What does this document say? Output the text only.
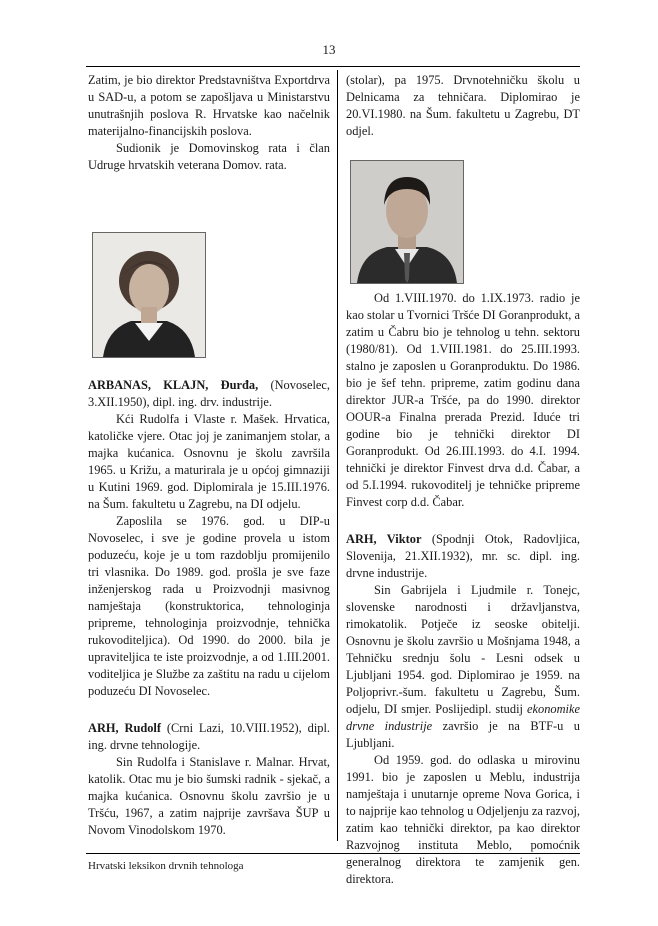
13

Zatim, je bio direktor Predstavništva Exportdrva u SAD-u, a potom se zapošljava u Ministarstvu unutrašnjih poslova R. Hrvatske kao načelnik materijalno-financijskih poslova.

Sudionik je Domovinskog rata i član Udruge hrvatskih veterana Domov. rata.

ARBANAS, KLAJN, Đurđa, (Novoselec, 3.XII.1950), dipl. ing. drv. industrije.

Kći Rudolfa i Vlaste r. Mašek. Hrvatica, katoličke vjere. Otac joj je zanimanjem stolar, a majka kućanica. Osnovnu je školu završila 1965. u Križu, a maturirala je u općoj gimnaziji u Kutini 1969. god. Diplomirala je 15.III.1976. na Šum. fakultetu u Zagrebu, na DI odjelu.

Zaposlila se 1976. god. u DIP-u Novoselec, i sve je godine provela u istom poduzeću, koje je u tom razdoblju promijenilo tri vlasnika. Do 1989. god. prošla je sve faze inženjerskog rada u Proizvodnji masivnog namještaja (konstruktorica, tehnologinja pripreme, tehnologinja proizvodnje, tehnička rukovoditeljica). Od 1990. do 2000. bila je upraviteljica te iste proizvodnje, a od 1.III.2001. voditeljica je Službe za zaštitu na radu u cijelom poduzeću DI Novoselec.

ARH, Rudolf (Crni Lazi, 10.VIII.1952), dipl. ing. drvne tehnologije.

Sin Rudolfa i Stanislave r. Malnar. Hrvat, katolik. Otac mu je bio šumski radnik - sjekač, a majka kućanica. Osnovnu školu završio je u Tršću, 1967, a zatim najprije završava ŠUP u Novom Vinodolskom 1970.

(stolar), pa 1975. Drvnotehničku školu u Delnicama za tehničara. Diplomirao je 20.VI.1980. na Šum. fakultetu u Zagrebu, DT odjel.

Od 1.VIII.1970. do 1.IX.1973. radio je kao stolar u Tvornici Tršće DI Goranprodukt, a zatim u Čabru bio je tehnolog u tehn. sektoru (1980/81). Od 1.VIII.1981. do 25.III.1993. stalno je zaposlen u Goranproduktu. Do 1986. bio je šef tehn. pripreme, zatim godinu dana direktor JUR-a Tršće, pa do 1990. direktor OOUR-a Finalna prerada Prezid. Iduće tri godine bio je tehnički direktor DI Goranprodukt. Od 26.III.1993. do 4.I. 1994. tehnički je direktor Finvest drva d.d. Čabar, a od 5.I.1994. rukovoditelj je tehničke pripreme Finvest corp d.d. Čabar.

ARH, Viktor (Spodnji Otok, Radovljica, Slovenija, 21.XII.1932), mr. sc. dipl. ing. drvne industrije.

Sin Gabrijela i Ljudmile r. Tonejc, slovenske narodnosti i državljanstva, rimokatolik. Potječe iz seoske obitelji. Osnovnu je školu završio u Mošnjama 1948, a Tehničku srednju šolu - Lesni odsek u Ljubljani 1954. god. Diplomirao je 1959. na Poljoprivr.-šum. fakultetu u Zagrebu, Šum. odjelu, DI smjer. Poslijedipl. studij ekonomike drvne industrije završio je na BTF-u u Ljubljani.

Od 1959. god. do odlaska u mirovinu 1991. bio je zaposlen u Meblu, industrija namještaja i unutarnje opreme Nova Gorica, i to najprije kao tehnolog u Odjeljenju za razvoj, zatim kao tehnički direktor, pa kao direktor Razvojnog instituta Meblo, pomoćnik generalnog direktora te zamjenik gen. direktora.

Hrvatski leksikon drvnih tehnologa
